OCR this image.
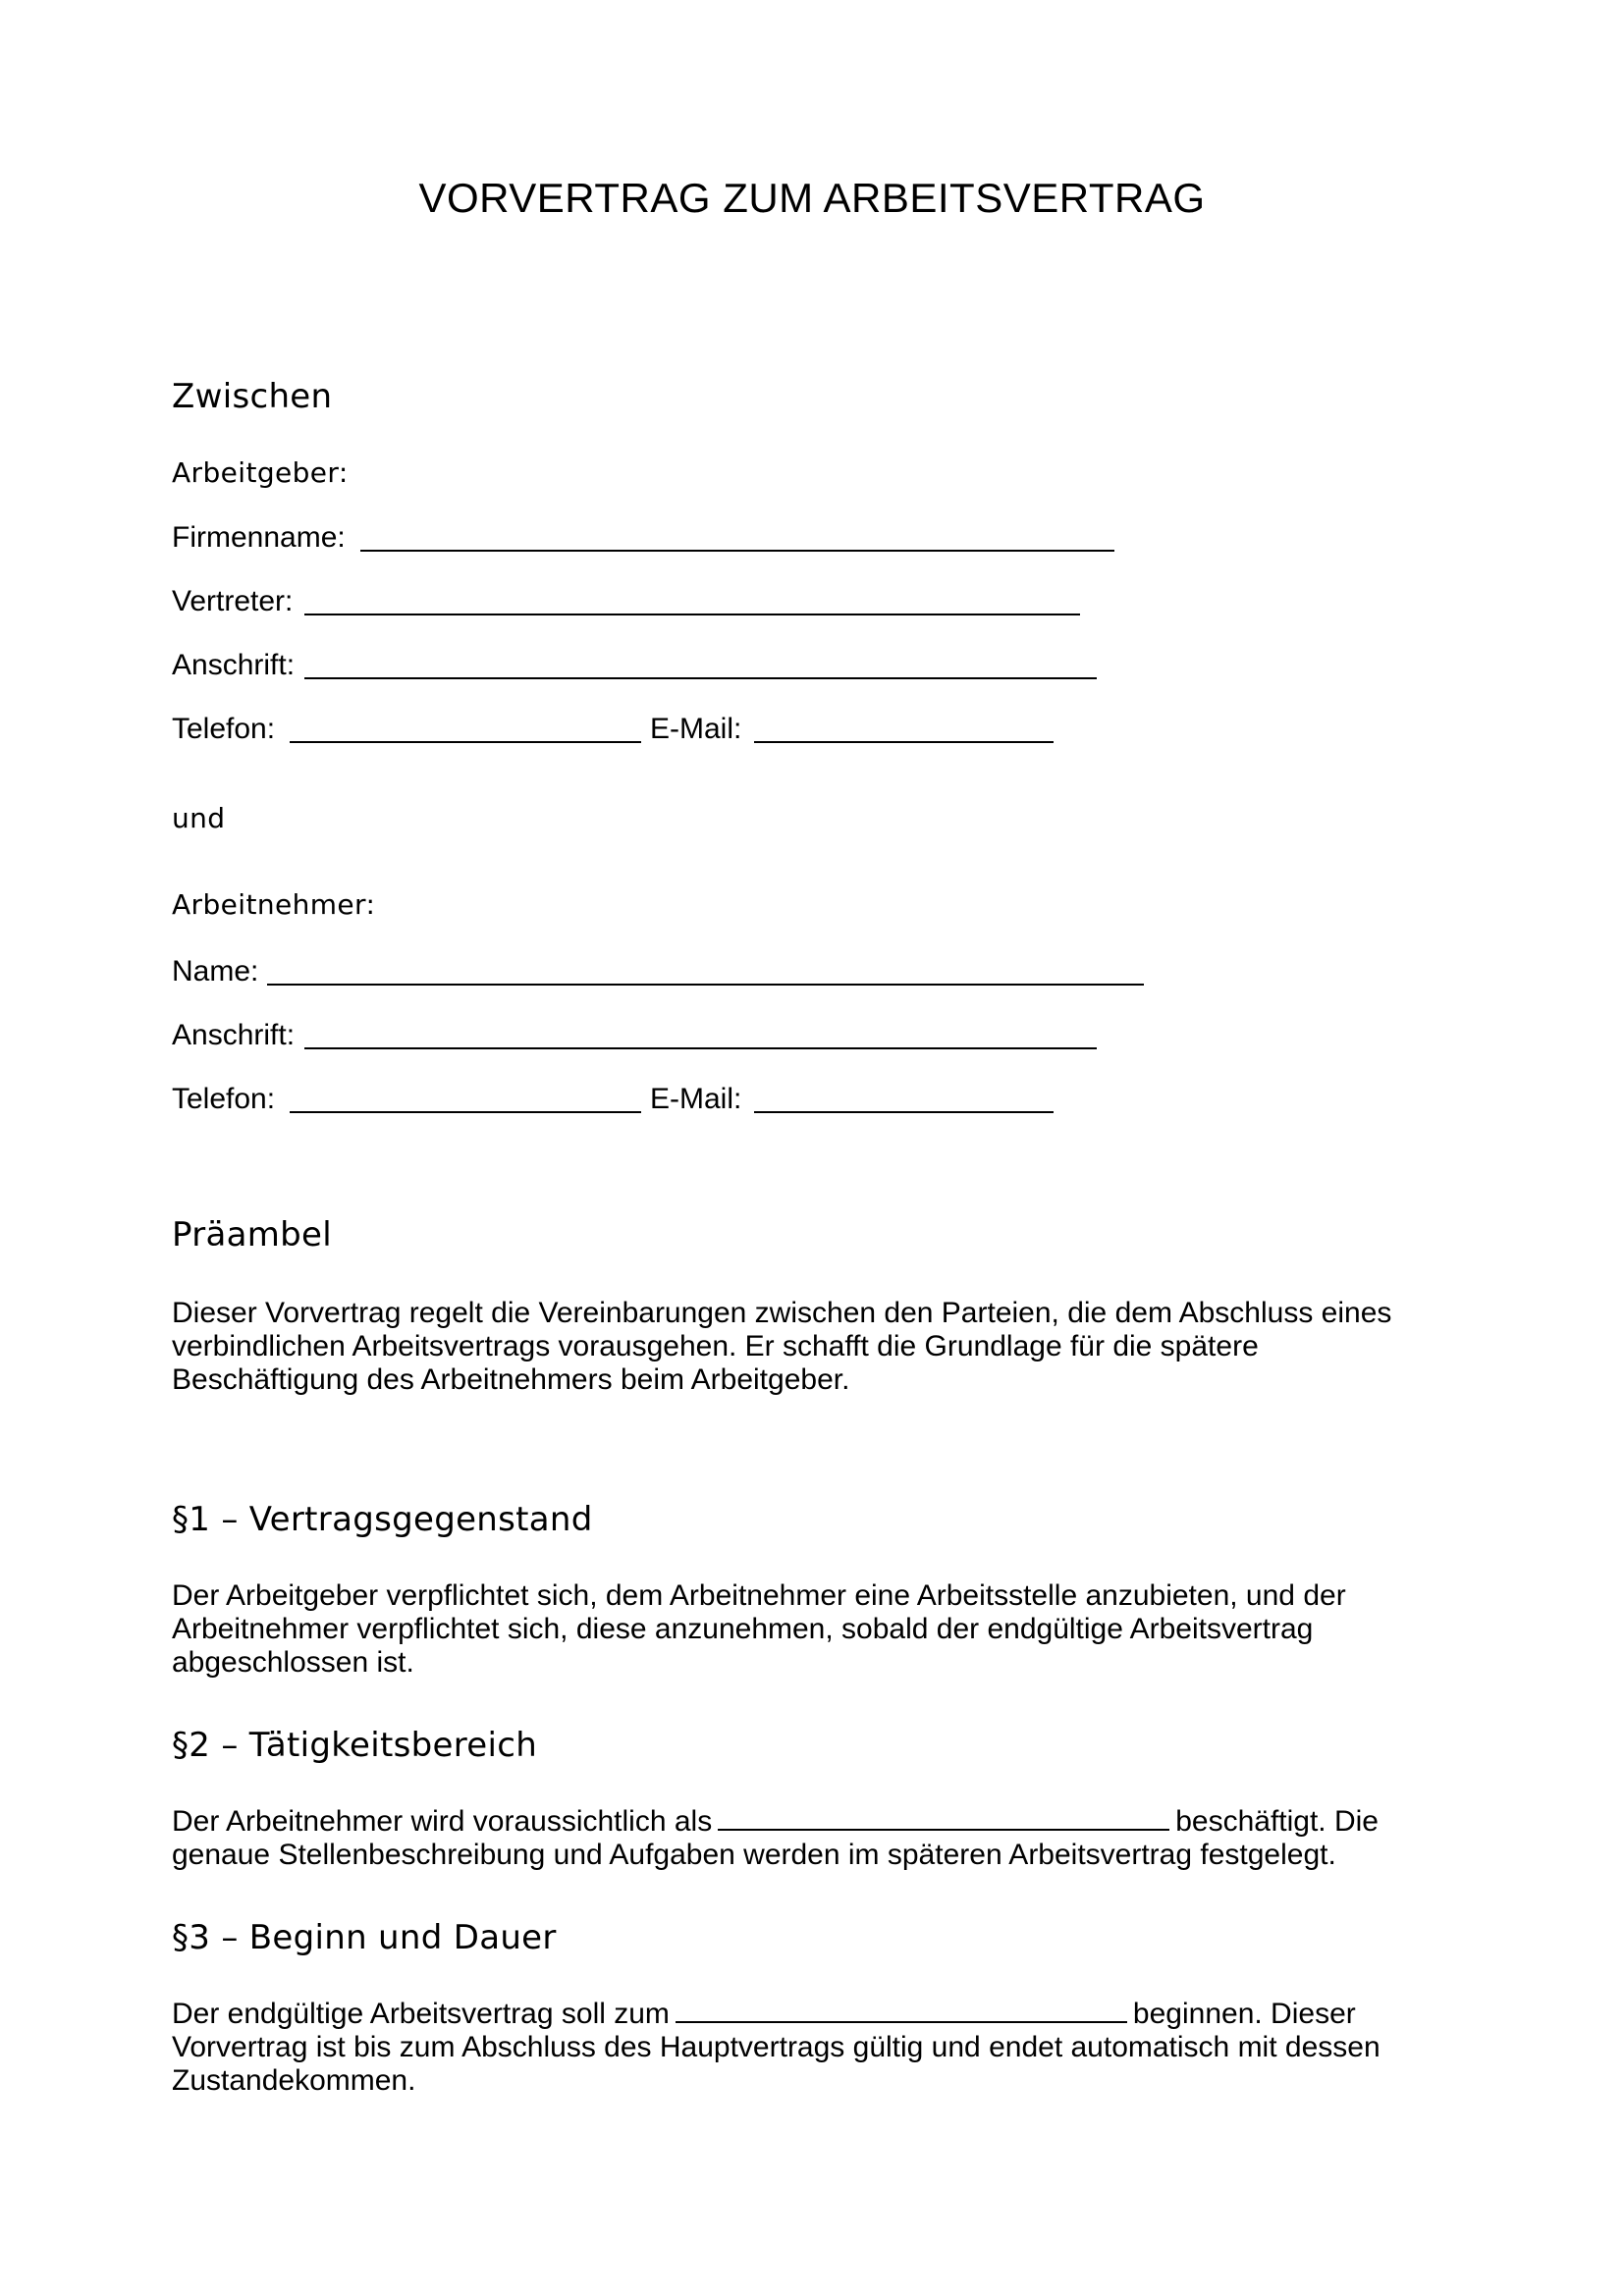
VORVERTRAG ZUM ARBEITSVERTRAG
Zwischen
Arbeitgeber:
Firmenname:
Vertreter:
Anschrift:
Telefon:	E-Mail:
und
Arbeitnehmer:
Name:
Anschrift:
Telefon:	E-Mail:
Präambel
Dieser Vorvertrag regelt die Vereinbarungen zwischen den Parteien, die dem Abschluss eines
verbindlichen Arbeitsvertrags vorausgehen. Er schafft die Grundlage für die spätere
Beschäftigung des Arbeitnehmers beim Arbeitgeber.
§1 – Vertragsgegenstand
Der Arbeitgeber verpflichtet sich, dem Arbeitnehmer eine Arbeitsstelle anzubieten, und der
Arbeitnehmer verpflichtet sich, diese anzunehmen, sobald der endgültige Arbeitsvertrag
abgeschlossen ist.
§2 – Tätigkeitsbereich
Der Arbeitnehmer wird voraussichtlich als	beschäftigt. Die
genaue Stellenbeschreibung und Aufgaben werden im späteren Arbeitsvertrag festgelegt.
§3 – Beginn und Dauer
Der endgültige Arbeitsvertrag soll zum	beginnen. Dieser
Vorvertrag ist bis zum Abschluss des Hauptvertrags gültig und endet automatisch mit dessen
Zustandekommen.
